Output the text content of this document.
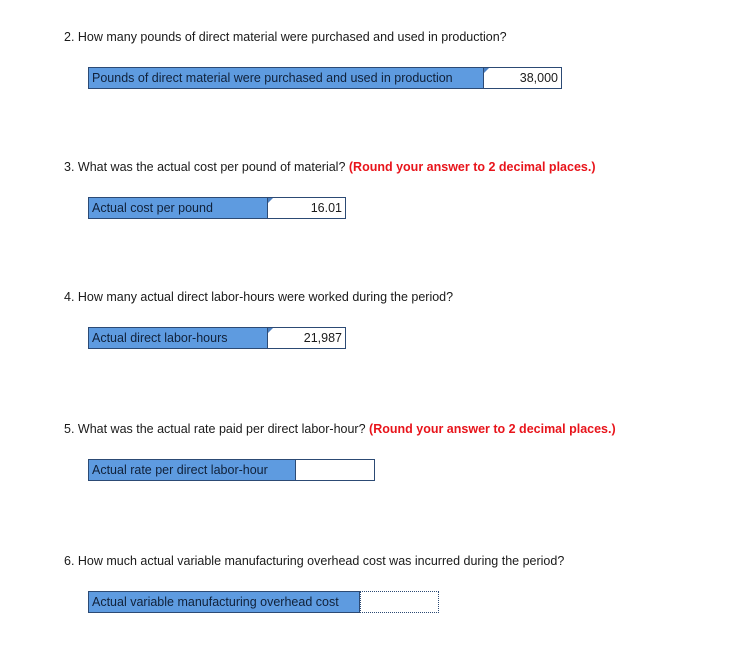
2. How many pounds of direct material were purchased and used in production?
Pounds of direct material were purchased and used in production	38,000
3. What was the actual cost per pound of material? (Round your answer to 2 decimal places.)
Actual cost per pound	16.01
4. How many actual direct labor-hours were worked during the period?
Actual direct labor-hours	21,987
5. What was the actual rate paid per direct labor-hour? (Round your answer to 2 decimal places.)
Actual rate per direct labor-hour
6. How much actual variable manufacturing overhead cost was incurred during the period?
Actual variable manufacturing overhead cost
